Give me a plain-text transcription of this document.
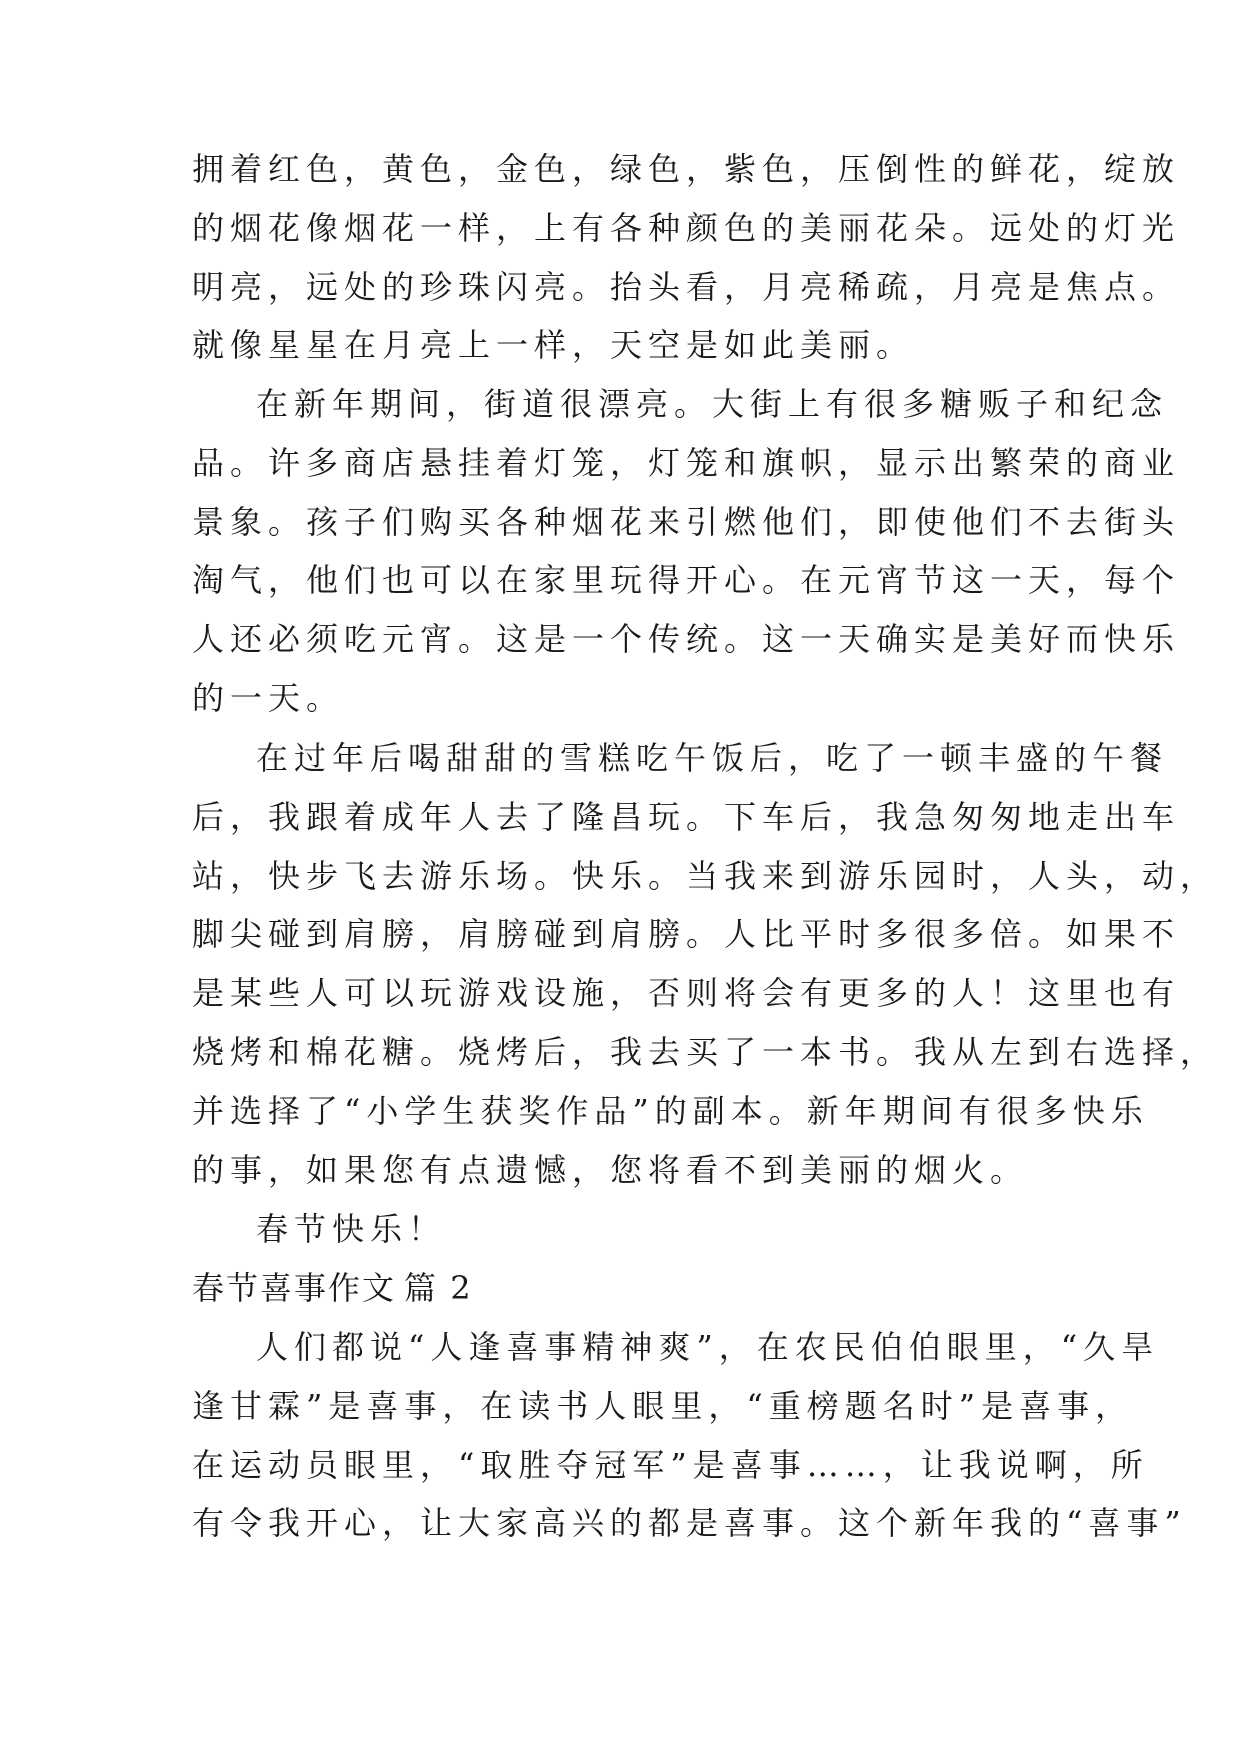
拥着红色，黄色，金色，绿色，紫色，压倒性的鲜花，绽放
的烟花像烟花一样，上有各种颜色的美丽花朵。远处的灯光
明亮，远处的珍珠闪亮。抬头看，月亮稀疏，月亮是焦点。
就像星星在月亮上一样，天空是如此美丽。
在新年期间，街道很漂亮。大街上有很多糖贩子和纪念
品。许多商店悬挂着灯笼，灯笼和旗帜，显示出繁荣的商业
景象。孩子们购买各种烟花来引燃他们，即使他们不去街头
淘气，他们也可以在家里玩得开心。在元宵节这一天，每个
人还必须吃元宵。这是一个传统。这一天确实是美好而快乐
的一天。
在过年后喝甜甜的雪糕吃午饭后，吃了一顿丰盛的午餐
后，我跟着成年人去了隆昌玩。下车后，我急匆匆地走出车
站，快步飞去游乐场。快乐。当我来到游乐园时，人头，动，
脚尖碰到肩膀，肩膀碰到肩膀。人比平时多很多倍。如果不
是某些人可以玩游戏设施，否则将会有更多的人！这里也有
烧烤和棉花糖。烧烤后，我去买了一本书。我从左到右选择，
并选择了“小学生获奖作品”的副本。新年期间有很多快乐
的事，如果您有点遗憾，您将看不到美丽的烟火。
春节快乐！
春节喜事作文 篇 2
人们都说“人逢喜事精神爽”，在农民伯伯眼里，“久旱
逢甘霖”是喜事，在读书人眼里，“重榜题名时”是喜事，
在运动员眼里，“取胜夺冠军”是喜事……，让我说啊，所
有令我开心，让大家高兴的都是喜事。这个新年我的“喜事”
